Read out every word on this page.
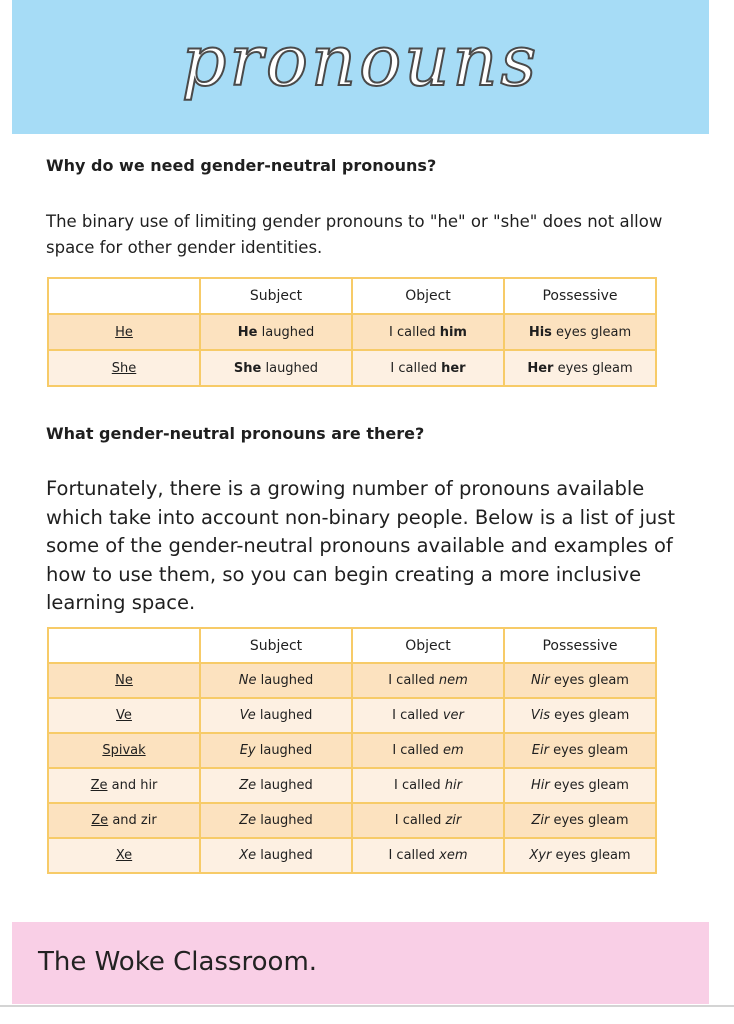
pronouns
Why do we need gender-neutral pronouns?
The binary use of limiting gender pronouns to "he" or "she" does not allow space for other gender identities.
	Subject	Object	Possessive
He	He laughed	I called him	His eyes gleam
She	She laughed	I called her	Her eyes gleam
What gender-neutral pronouns are there?
Fortunately, there is a growing number of pronouns available which take into account non-binary people. Below is a list of just some of the gender-neutral pronouns available and examples of how to use them, so you can begin creating a more inclusive learning space.
	Subject	Object	Possessive
Ne	Ne laughed	I called nem	Nir eyes gleam
Ve	Ve laughed	I called ver	Vis eyes gleam
Spivak	Ey laughed	I called em	Eir eyes gleam
Ze and hir	Ze laughed	I called hir	Hir eyes gleam
Ze and zir	Ze laughed	I called zir	Zir eyes gleam
Xe	Xe laughed	I called xem	Xyr eyes gleam
The Woke Classroom.
